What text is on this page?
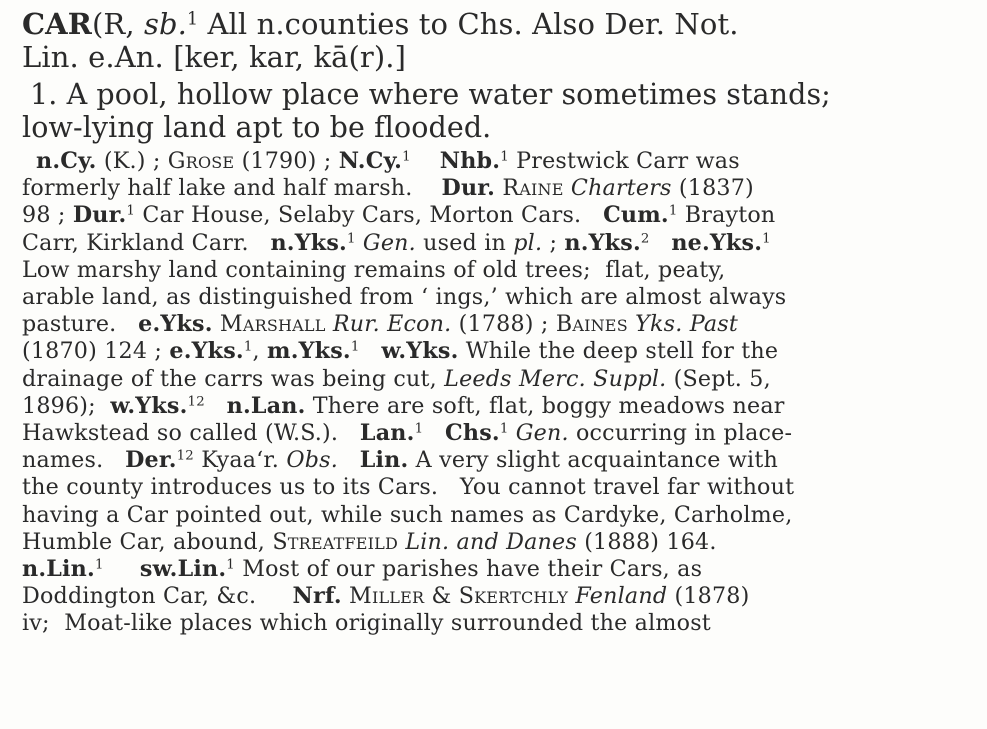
CAR(R, sb.$^1$ All n.counties to Chs. Also Der. Not.
Lin. e.An. [ker, kar, kā(r).]
1. A pool, hollow place where water sometimes stands;
low-lying land apt to be flooded.
n.Cy. (K.) ; Grose (1790) ; N.Cy.$^1$ Nhb.$^1$ Prestwick Carr was
formerly half lake and half marsh.    Dur. Raine Charters (1837)
98 ; Dur.$^1$ Car House, Selaby Cars, Morton Cars.   Cum.$^1$ Brayton
Carr, Kirkland Carr.   n.Yks.$^1$ Gen. used in pl. ; n.Yks.$^2$ ne.Yks.$^1$
Low marshy land containing remains of old trees;  flat, peaty,
arable land, as distinguished from ‘ ings,’ which are almost always
pasture.   e.Yks. Marshall Rur. Econ. (1788) ; Baines Yks. Past
(1870) 124 ; e.Yks.$^1$, m.Yks.$^1$ w.Yks. While the deep stell for the
drainage of the carrs was being cut, Leeds Merc. Suppl. (Sept. 5,
1896);  w.Yks.$^{12}$ n.Lan. There are soft, flat, boggy meadows near
Hawkstead so called (W.S.).   Lan.$^1$ Chs.$^1$ Gen. occurring in place-
names.   Der.$^{12}$ Kyaa‘r. Obs. Lin. A very slight acquaintance with
the county introduces us to its Cars.   You cannot travel far without
having a Car pointed out, while such names as Cardyke, Carholme,
Humble Car, abound, Streatfeild Lin. and Danes (1888) 164.
n.Lin.$^1$ sw.Lin.$^1$ Most of our parishes have their Cars, as
Doddington Car, &c.     Nrf. Miller & Skertchly Fenland (1878)
iv;  Moat-like places which originally surrounded the almost
